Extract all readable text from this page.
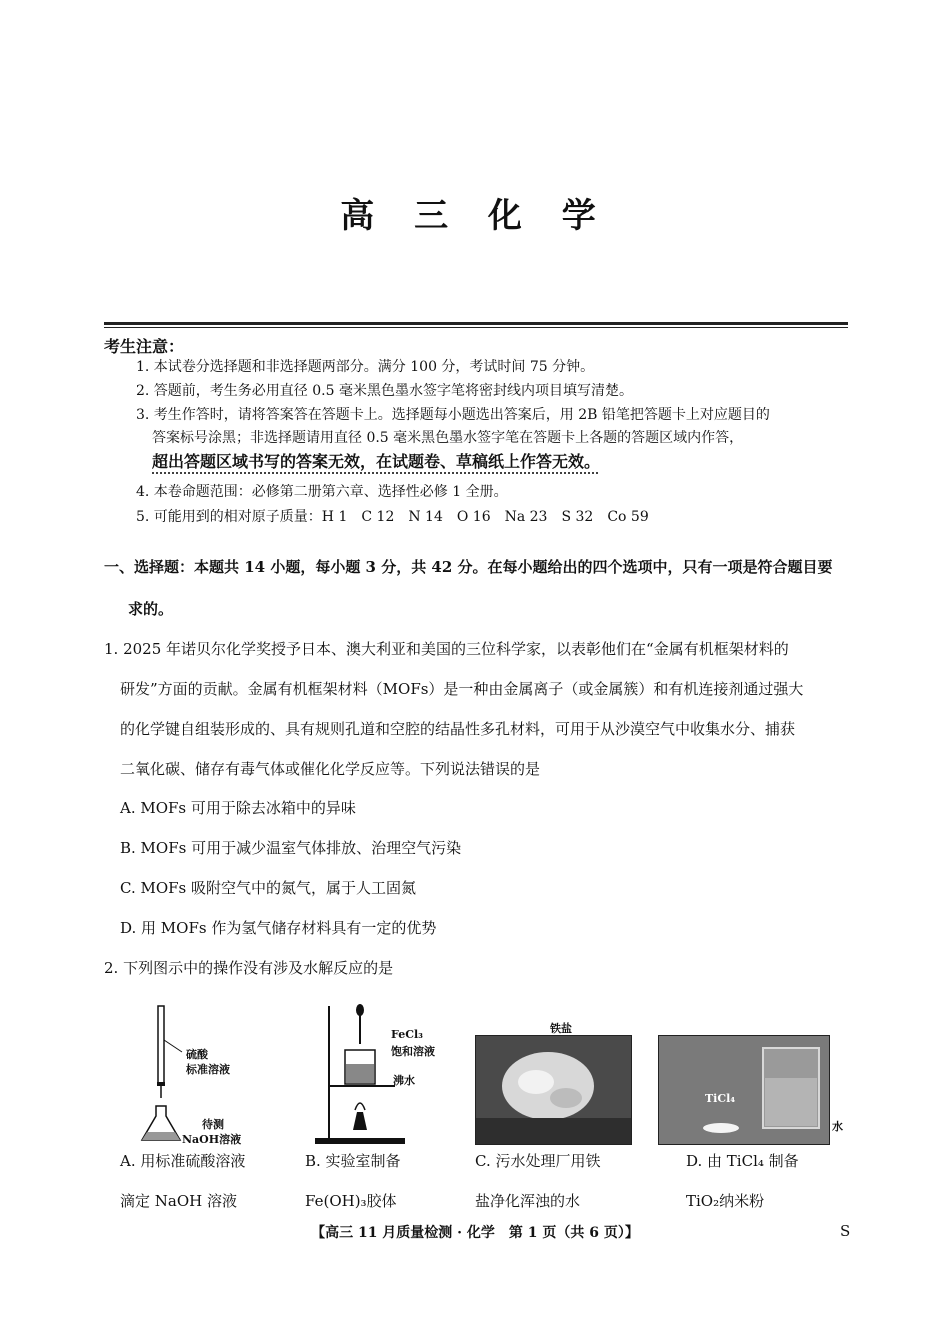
高 三 化 学
考生注意：
1. 本试卷分选择题和非选择题两部分。满分 100 分，考试时间 75 分钟。
2. 答题前，考生务必用直径 0.5 毫米黑色墨水签字笔将密封线内项目填写清楚。
3. 考生作答时，请将答案答在答题卡上。选择题每小题选出答案后，用 2B 铅笔把答题卡上对应题目的
答案标号涂黑；非选择题请用直径 0.5 毫米黑色墨水签字笔在答题卡上各题的答题区域内作答，
超出答题区域书写的答案无效，在试题卷、草稿纸上作答无效。
4. 本卷命题范围：必修第二册第六章、选择性必修 1 全册。
5. 可能用到的相对原子质量：H 1　C 12　N 14　O 16　Na 23　S 32　Co 59
一、选择题：本题共 14 小题，每小题 3 分，共 42 分。在每小题给出的四个选项中，只有一项是符合题目要
求的。
1. 2025 年诺贝尔化学奖授予日本、澳大利亚和美国的三位科学家，以表彰他们在“金属有机框架材料的
研发”方面的贡献。金属有机框架材料（MOFs）是一种由金属离子（或金属簇）和有机连接剂通过强大
的化学键自组装形成的、具有规则孔道和空腔的结晶性多孔材料，可用于从沙漠空气中收集水分、捕获
二氧化碳、储存有毒气体或催化化学反应等。下列说法错误的是
A. MOFs 可用于除去冰箱中的异味
B. MOFs 可用于减少温室气体排放、治理空气污染
C. MOFs 吸附空气中的氮气，属于人工固氮
D. 用 MOFs 作为氢气储存材料具有一定的优势
2. 下列图示中的操作没有涉及水解反应的是
硫酸
标准溶液
待测
NaOH溶液
A. 用标准硫酸溶液
滴定 NaOH 溶液
FeCl₃
饱和溶液
沸水
B. 实验室制备
Fe(OH)₃胶体
铁盐
C. 污水处理厂用铁
盐净化浑浊的水
TiCl₄
水
D. 由 TiCl₄ 制备
TiO₂纳米粉
【高三 11 月质量检测 · 化学　第 1 页（共 6 页）】	S
